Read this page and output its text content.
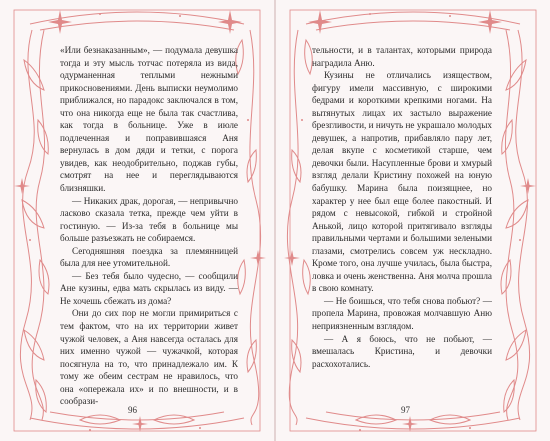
«Или безнаказанным», — подумала девушка тогда и эту мысль тотчас потеряла из вида, одурманенная теплыми нежными прикосновениями. День выписки неумолимо приближался, но парадокс заключался в том, что она никогда еще не была так счастлива, как тогда в больнице. Уже в июле подлеченная и поправившаяся Аня вернулась в дом дяди и тетки, с порога увидев, как неодобрительно, поджав губы, смотрят на нее и переглядываются близняшки.

— Никаких драк, дорогая, — непривычно ласково сказала тетка, прежде чем уйти в гостиную. — Из-за тебя в больнице мы больше разъезжать не собираемся.

Сегодняшняя поездка за племянницей была для нее утомительной.

— Без тебя было чудесно, — сообщили Ане кузины, едва мать скрылась из виду. — Не хочешь сбежать из дома?

Они до сих пор не могли примириться с тем фактом, что на их территории живет чужой человек, а Аня навсегда осталась для них именно чужой — чужачкой, которая посягнула на то, что принадлежало им. К тому же обеим сестрам не нравилось, что она «опережала их» и по внешности, и в сообрази-

96

тельности, и в талантах, которыми природа наградила Аню.

Кузины не отличались изяществом, фигуру имели массивную, с широкими бедрами и короткими крепкими ногами. На вытянутых лицах их застыло выражение брезгливости, и ничуть не украшало молодых девушек, а напротив, прибавляло пару лет, делая вкупе с косметикой старше, чем девочки были. Насупленные брови и хмурый взгляд делали Кристину похожей на юную бабушку. Марина была поизящнее, но характер у нее был еще более пакостный. И рядом с невысокой, гибкой и стройной Анькой, лицо которой притягивало взгляды правильными чертами и большими зелеными глазами, смотрелись совсем уж нескладно. Кроме того, она лучше училась, была быстра, ловка и очень женственна. Аня молча прошла в свою комнату.

— Не боишься, что тебя снова побьют? — пропела Марина, провожая молчавшую Аню неприязненным взглядом.

— А я боюсь, что не побьют, — вмешалась Кристина, и девочки расхохотались.

97
